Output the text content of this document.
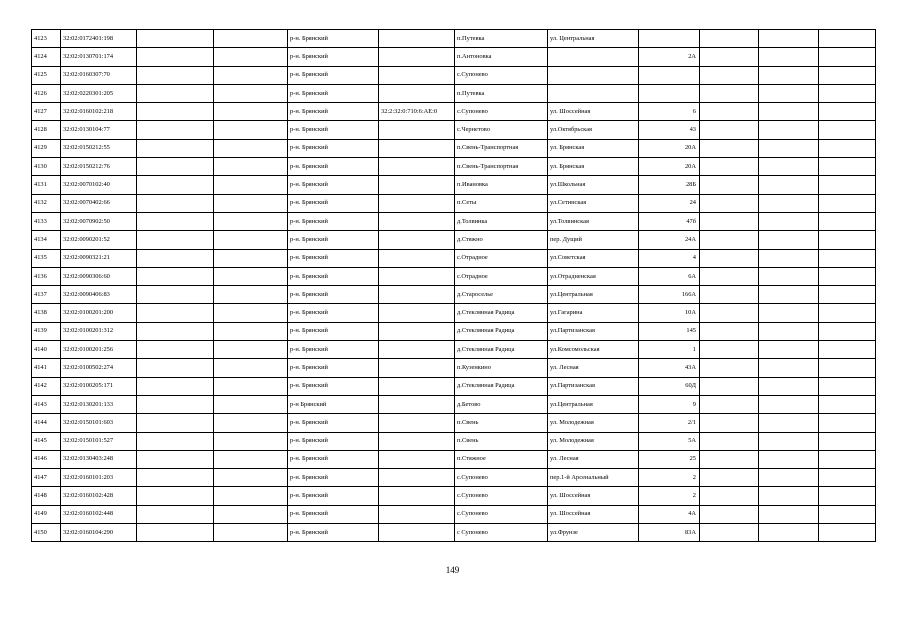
4123	32:02:0172401:198			р-н. Брянский		п.Путевка	ул. Центральная				
4124	32:02:0130701:174			р-н. Брянский		п.Антоновка		2А			
4125	32:02:0160307:70			р-н. Брянский		с.Супонево					
4126	32:02:0220301:205			р-н. Брянский		п.Путевка					
4127	32:02:0160102:218			р-н. Брянский	32:2:32:0:710:6:АЕ:0	с.Супонево	ул. Шоссейная	6			
4128	32:02:0130104:77			р-н. Брянский		с.Чернетово	ул.Октябрьская	43			
4129	32:02:0150212:55			р-н. Брянский		п.Свень-Транспортная	ул. Брянская	20А			
4130	32:02:0150212:76			р-н. Брянский		п.Свень-Транспортная	ул. Брянская	20А			
4131	32:02:0070102:40			р-н. Брянский		п.Ивановка	ул.Школьная	28Б			
4132	32:02:0070402:66			р-н. Брянский		п.Сеты	ул.Сетинская	24			
4133	32:02:0070902:50			р-н. Брянский		д.Толвинка	ул.Толвинская	47б			
4134	32:02:0090201:52			р-н. Брянский		д.Стяжно	пер. Дущий	24А			
4135	32:02:0090321:21			р-н. Брянский		с.Отрадное	ул.Советская	4			
4136	32:02:0090306:60			р-н. Брянский		с.Отрадное	ул.Отрадненская	6А			
4137	32:02:0090406:83			р-н. Брянский		д.Староселье	ул.Центральная	166А			
4138	32:02:0100201:200			р-н. Брянский		д.Стеклянная Радица	ул.Гагарина	10А			
4139	32:02:0100201:312			р-н. Брянский		д.Стеклянная Радица	ул.Партизанская	145			
4140	32:02:0100201:256			р-н. Брянский		д.Стеклянная Радица	ул.Комсомольская	1			
4141	32:02:0100502:274			р-н. Брянский		п.Кузенкино	ул. Лесная	43А			
4142	32:02:0100205:171			р-н. Брянский		д.Стеклянная Радица	ул.Партизанская	60Д			
4143	32:02:0130201:133			р-н Брянский		д.Бетово	ул.Центральная	9			
4144	32:02:0150101:603			р-н. Брянский		п.Свень	ул. Молодежная	2/1			
4145	32:02:0150101:527			р-н. Брянский		п.Свень	ул. Молодежная	5А			
4146	32:02:0130403:248			р-н. Брянский		п.Стяжное	ул. Лесная	25			
4147	32:02:0160101:203			р-н. Брянский		с.Супонево	пер.1-й Арсенальный	2			
4148	32:02:0160102:428			р-н. Брянский		с.Супонево	ул. Шоссейная	2			
4149	32:02:0160102:448			р-н. Брянский		с.Супонево	ул. Шоссейная	4А			
4150	32:02:0160104:290			р-н. Брянский		с Супонево	ул.Фрунзе	83А			
149
